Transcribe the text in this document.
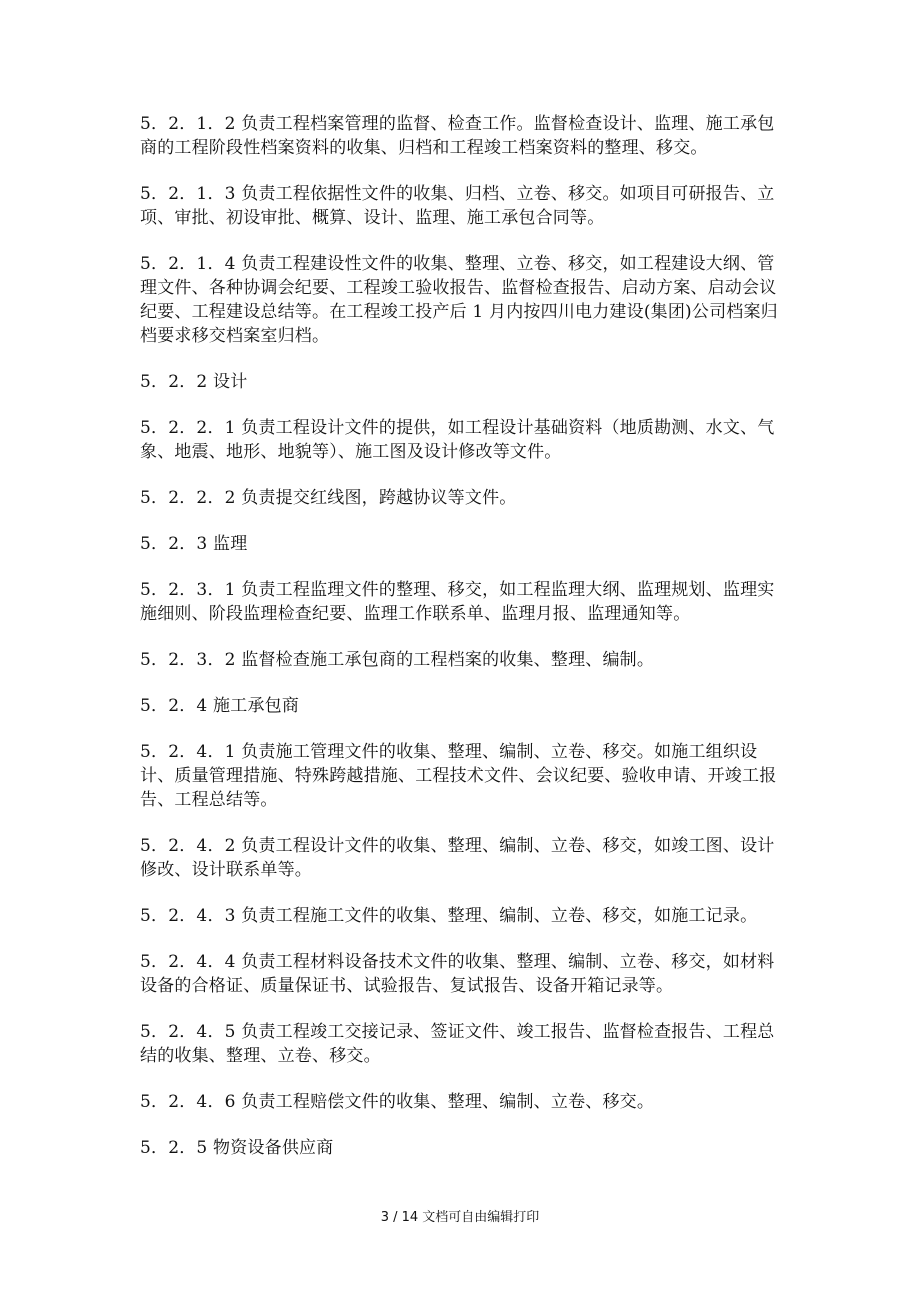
5．2．1．2 负责工程档案管理的监督、检查工作。监督检查设计、监理、施工承包商的工程阶段性档案资料的收集、归档和工程竣工档案资料的整理、移交。

5．2．1．3 负责工程依据性文件的收集、归档、立卷、移交。如项目可研报告、立项、审批、初设审批、概算、设计、监理、施工承包合同等。

5．2．1．4 负责工程建设性文件的收集、整理、立卷、移交，如工程建设大纲、管理文件、各种协调会纪要、工程竣工验收报告、监督检查报告、启动方案、启动会议纪要、工程建设总结等。在工程竣工投产后 1 月内按四川电力建设(集团)公司档案归档要求移交档案室归档。

5．2．2 设计

5．2．2．1 负责工程设计文件的提供，如工程设计基础资料（地质勘测、水文、气象、地震、地形、地貌等）、施工图及设计修改等文件。

5．2．2．2 负责提交红线图，跨越协议等文件。

5．2．3 监理

5．2．3．1 负责工程监理文件的整理、移交，如工程监理大纲、监理规划、监理实施细则、阶段监理检查纪要、监理工作联系单、监理月报、监理通知等。

5．2．3．2 监督检查施工承包商的工程档案的收集、整理、编制。

5．2．4 施工承包商

5．2．4．1 负责施工管理文件的收集、整理、编制、立卷、移交。如施工组织设计、质量管理措施、特殊跨越措施、工程技术文件、会议纪要、验收申请、开竣工报告、工程总结等。

5．2．4．2 负责工程设计文件的收集、整理、编制、立卷、移交，如竣工图、设计修改、设计联系单等。

5．2．4．3 负责工程施工文件的收集、整理、编制、立卷、移交，如施工记录。

5．2．4．4 负责工程材料设备技术文件的收集、整理、编制、立卷、移交，如材料设备的合格证、质量保证书、试验报告、复试报告、设备开箱记录等。

5．2．4．5 负责工程竣工交接记录、签证文件、竣工报告、监督检查报告、工程总结的收集、整理、立卷、移交。

5．2．4．6 负责工程赔偿文件的收集、整理、编制、立卷、移交。

5．2．5 物资设备供应商

3 / 14 文档可自由编辑打印
